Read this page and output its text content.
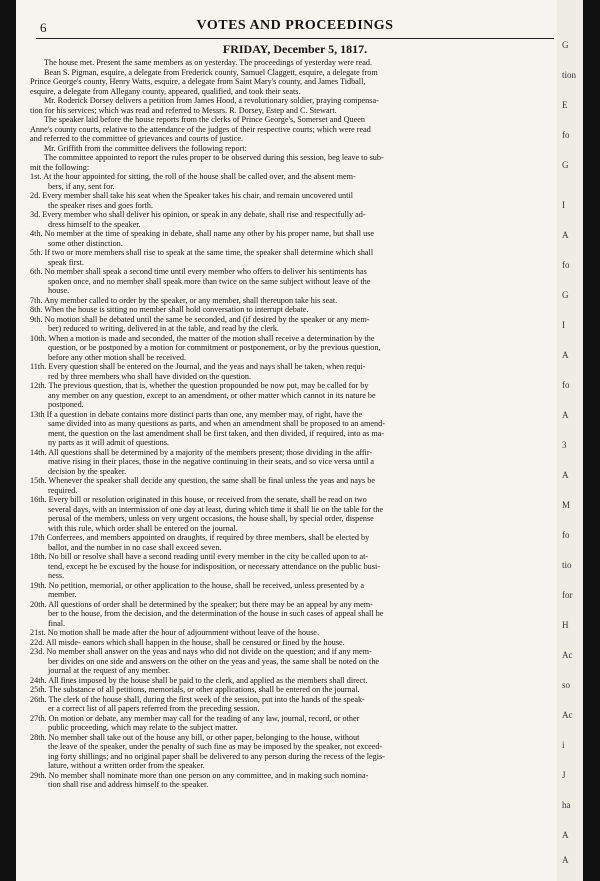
G
tion
E
fo
G
I
A
fo
G
I
A
fo
A
3
A
M
fo
tio
for
H
Ac
so
Ac
i
J
ha
A
A
6	VOTES AND PROCEEDINGS
FRIDAY, December 5, 1817.
The house met. Present the same members as on yesterday. The proceedings of yesterday were read.
Bean S. Pigman, esquire, a delegate from Frederick county, Samuel Claggett, esquire, a delegate from
Prince George's county, Henry Watts, esquire, a delegate from Saint Mary's county, and James Tidball,
esquire, a delegate from Allegany county, appeared, qualified, and took their seats.
Mr. Roderick Dorsey delivers a petition from James Hood, a revolutionary soldier, praying compensa-
tion for his services; which was read and referred to Messrs. R. Dorsey, Estep and C. Stewart.
The speaker laid before the house reports from the clerks of Prince George's, Somerset and Queen
Anne's county courts, relative to the attendance of the judges of their respective courts; which were read
and referred to the committee of grievances and courts of justice.
Mr. Griffith from the committee delivers the following report:
The committee appointed to report the rules proper to be observed during this session, beg leave to sub-
mit the following:
1st. At the hour appointed for sitting, the roll of the house shall be called over, and the absent mem-
bers, if any, sent for.
2d. Every member shall take his seat when the Speaker takes his chair, and remain uncovered until
the speaker rises and goes forth.
3d. Every member who shall deliver his opinion, or speak in any debate, shall rise and respectfully ad-
dress himself to the speaker.
4th. No member at the time of speaking in debate, shall name any other by his proper name, but shall use
some other distinction.
5th. If two or more members shall rise to speak at the same time, the speaker shall determine which shall
speak first.
6th. No member shall speak a second time until every member who offers to deliver his sentiments has
spoken once, and no member shall speak more than twice on the same subject without leave of the
house.
7th. Any member called to order by the speaker, or any member, shall thereupon take his seat.
8th. When the house is sitting no member shall hold conversation to interrupt debate.
9th. No motion shall be debated until the same be seconded, and (if desired by the speaker or any mem-
ber) reduced to writing, delivered in at the table, and read by the clerk.
10th. When a motion is made and seconded, the matter of the motion shall receive a determination by the
question, or be postponed by a motion for commitment or postponement, or by the previous question,
before any other motion shall be received.
11th. Every question shall be entered on the Journal, and the yeas and nays shall be taken, when requi-
red by three members who shall have divided on the question.
12th. The previous question, that is, whether the question propounded be now put, may be called for by
any member on any question, except to an amendment, or other matter which cannot in its nature be
postponed.
13th If a question in debate contains more distinct parts than one, any member may, of right, have the
same divided into as many questions as parts, and when an amendment shall be proposed to an amend-
ment, the question on the last amendment shall be first taken, and then divided, if required, into as ma-
ny parts as it will admit of questions.
14th. All questions shall be determined by a majority of the members present; those dividing in the affir-
mative rising in their places, those in the negative continuing in their seats, and so vice versa until a
decision by the speaker.
15th. Whenever the speaker shall decide any question, the same shall be final unless the yeas and nays be
required.
16th. Every bill or resolution originated in this house, or received from the senate, shall be read on two
several days, with an intermission of one day at least, during which time it shall lie on the table for the
perusal of the members, unless on very urgent occasions, the house shall, by special order, dispense
with this rule, which order shall be entered on the journal.
17th Conferrees, and members appointed on draughts, if required by three members, shall be elected by
ballot, and the number in no case shall exceed seven.
18th. No bill or resolve shall have a second reading until every member in the city be called upon to at-
tend, except he be excused by the house for indisposition, or necessary attendance on the public busi-
ness.
19th. No petition, memorial, or other application to the house, shall be received, unless presented by a
member.
20th. All questions of order shall be determined by the speaker; but there may be an appeal by any mem-
ber to the house, from the decision, and the determination of the house in such cases of appeal shall be
final.
21st. No motion shall be made after the hour of adjournment without leave of the house.
22d. All misde- eanors which shall happen in the house, shall be censured or fined by the house.
23d. No member shall answer on the yeas and nays who did not divide on the question; and if any mem-
ber divides on one side and answers on the other on the yeas and yeas, the same shall be noted on the
journal at the request of any member.
24th. All fines imposed by the house shall be paid to the clerk, and applied as the members shall direct.
25th. The substance of all petitions, memorials, or other applications, shall be entered on the journal.
26th. The clerk of the house shall, during the first week of the session, put into the hands of the speak-
er a correct list of all papers referred from the preceding session.
27th. On motion or debate, any member may call for the reading of any law, journal, record, or other
public proceeding, which may relate to the subject matter.
28th. No member shall take out of the house any bill, or other paper, belonging to the house, without
the leave of the speaker, under the penalty of such fine as may be imposed by the speaker, not exceed-
ing forty shillings; and no original paper shall be delivered to any person during the recess of the legis-
lature, without a written order from the speaker.
29th. No member shall nominate more than one person on any committee, and in making such nomina-
tion shall rise and address himself to the speaker.
